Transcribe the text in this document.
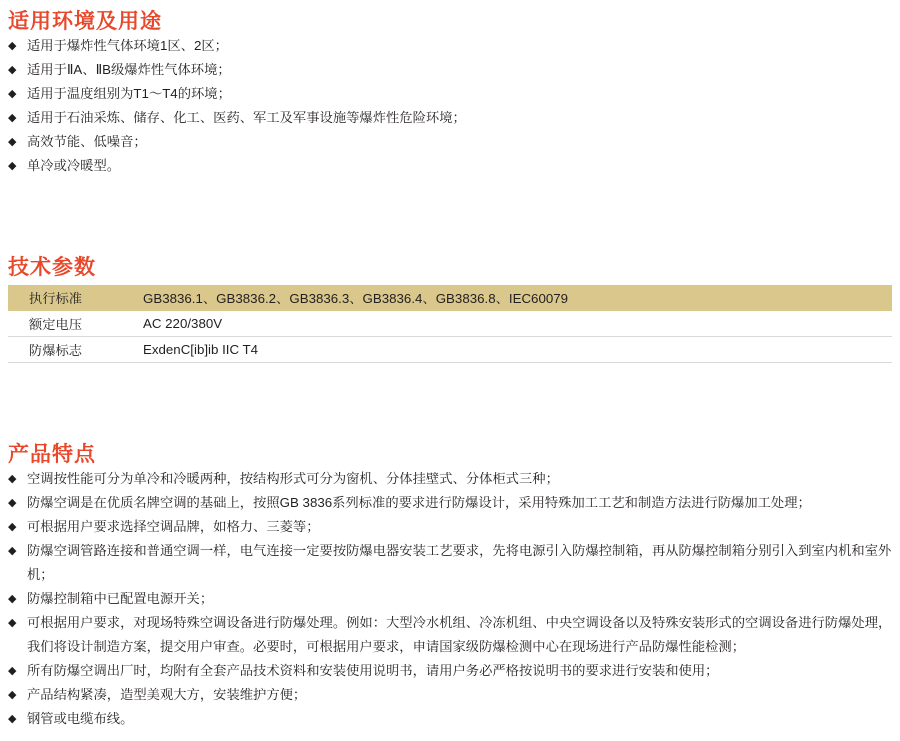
适用环境及用途
◆ 适用于爆炸性气体环境1区、2区；
◆ 适用于ⅡA、ⅡB级爆炸性气体环境；
◆ 适用于温度组别为T1～T4的环境；
◆ 适用于石油采炼、储存、化工、医药、军工及军事设施等爆炸性危险环境；
◆ 高效节能、低噪音；
◆ 单冷或冷暖型。
技术参数
执行标准	GB3836.1、GB3836.2、GB3836.3、GB3836.4、GB3836.8、IEC60079
额定电压	AC 220/380V
防爆标志	ExdenC[ib]ib IIC T4
产品特点
◆ 空调按性能可分为单冷和冷暖两种，按结构形式可分为窗机、分体挂壁式、分体柜式三种；
◆ 防爆空调是在优质名牌空调的基础上，按照GB 3836系列标准的要求进行防爆设计，采用特殊加工工艺和制造方法进行防爆加工处理；
◆ 可根据用户要求选择空调品牌，如格力、三菱等；
◆ 防爆空调管路连接和普通空调一样，电气连接一定要按防爆电器安装工艺要求，先将电源引入防爆控制箱，再从防爆控制箱分别引入到室内机和室外机；
◆ 防爆控制箱中已配置电源开关；
◆ 可根据用户要求，对现场特殊空调设备进行防爆处理。例如：大型冷水机组、冷冻机组、中央空调设备以及特殊安装形式的空调设备进行防爆处理，我们将设计制造方案，提交用户审查。必要时，可根据用户要求，申请国家级防爆检测中心在现场进行产品防爆性能检测；
◆ 所有防爆空调出厂时，均附有全套产品技术资料和安装使用说明书，请用户务必严格按说明书的要求进行安装和使用；
◆ 产品结构紧凑，造型美观大方，安装维护方便；
◆ 钢管或电缆布线。
